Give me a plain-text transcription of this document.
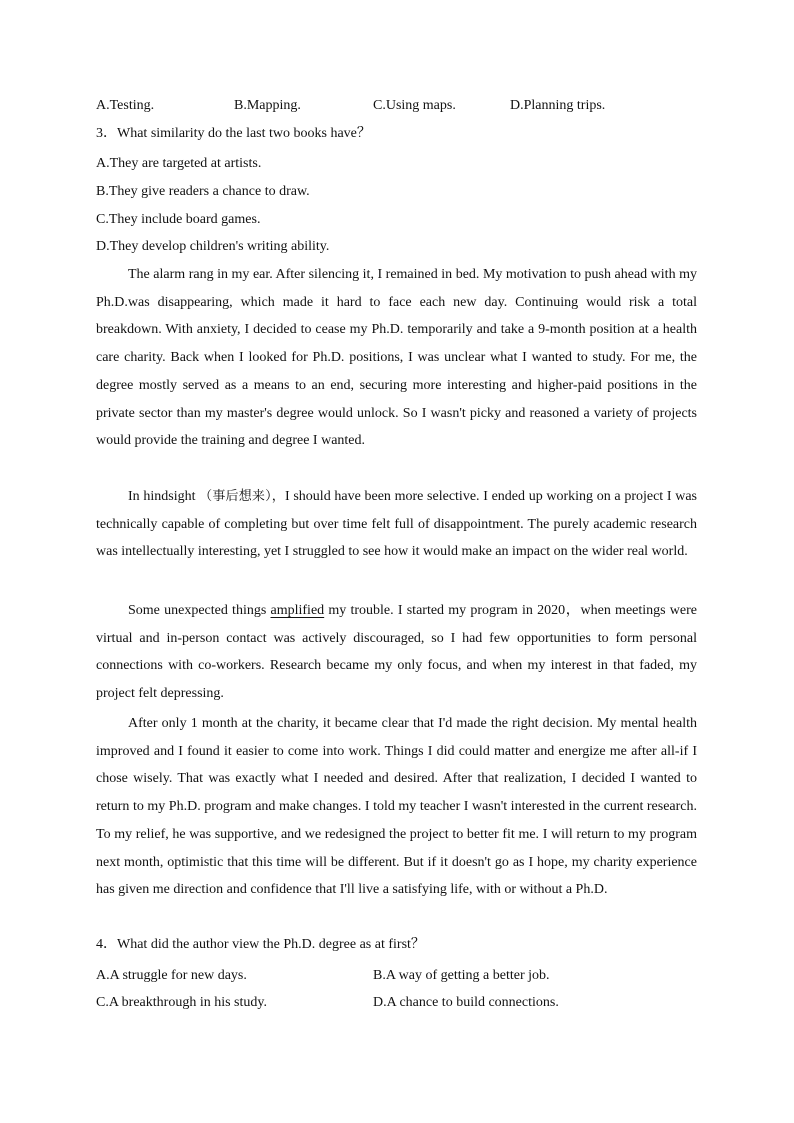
A.Testing.	B.Mapping.	C.Using maps.	D.Planning trips.
3．What similarity do the last two books have？
A.They are targeted at artists.
B.They give readers a chance to draw.
C.They include board games.
D.They develop children's writing ability.

The alarm rang in my ear. After silencing it, I remained in bed. My motivation to push ahead with my Ph.D.was disappearing, which made it hard to face each new day. Continuing would risk a total breakdown. With anxiety, I decided to cease my Ph.D. temporarily and take a 9-month position at a health care charity. Back when I looked for Ph.D. positions, I was unclear what I wanted to study. For me, the degree mostly served as a means to an end, securing more interesting and higher-paid positions in the private sector than my master's degree would unlock. So I wasn't picky and reasoned a variety of projects would provide the training and degree I wanted.

In hindsight （事后想来），I should have been more selective. I ended up working on a project I was technically capable of completing but over time felt full of disappointment. The purely academic research was intellectually interesting, yet I struggled to see how it would make an impact on the wider real world.

Some unexpected things amplified my trouble. I started my program in 2020，when meetings were virtual and in-person contact was actively discouraged, so I had few opportunities to form personal connections with co-workers. Research became my only focus, and when my interest in that faded, my project felt depressing.

After only 1 month at the charity, it became clear that I'd made the right decision. My mental health improved and I found it easier to come into work. Things I did could matter and energize me after all-if I chose wisely. That was exactly what I needed and desired. After that realization, I decided I wanted to return to my Ph.D. program and make changes. I told my teacher I wasn't interested in the current research. To my relief, he was supportive, and we redesigned the project to better fit me. I will return to my program next month, optimistic that this time will be different. But if it doesn't go as I hope, my charity experience has given me direction and confidence that I'll live a satisfying life, with or without a Ph.D.

4．What did the author view the Ph.D. degree as at first？
A.A struggle for new days.	B.A way of getting a better job.
C.A breakthrough in his study.	D.A chance to build connections.
